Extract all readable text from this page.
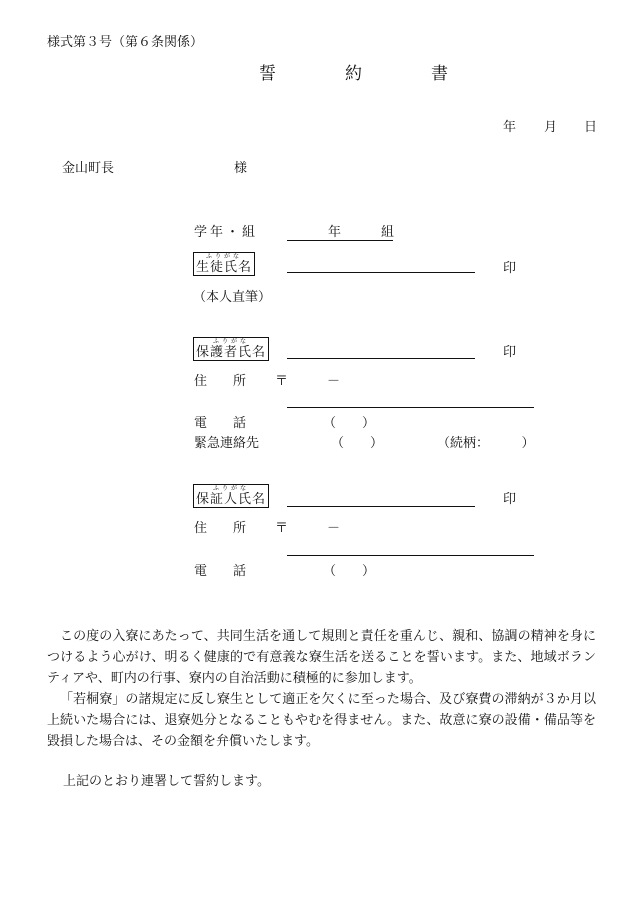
様式第３号（第６条関係）
誓　約　書
年 月 日
金山町長	様
学年・組	年	組
ふりがな
生徒氏名	印
（本人直筆）
ふりがな
保護者氏名	印
住　　所 〒	－
電　　話	（　　）
緊急連絡先	（　　）	（続柄：　　　）
ふりがな
保証人氏名	印
住　　所 〒	－
電　　話	（　　）
この度の入寮にあたって、共同生活を通して規則と責任を重んじ、親和、協調の精神を身につけるよう心がけ、明るく健康的で有意義な寮生活を送ることを誓います。また、地域ボランティアや、町内の行事、寮内の自治活動に積極的に参加します。
「若桐寮」の諸規定に反し寮生として適正を欠くに至った場合、及び寮費の滞納が３か月以上続いた場合には、退寮処分となることもやむを得ません。また、故意に寮の設備・備品等を毀損した場合は、その金額を弁償いたします。
上記のとおり連署して誓約します。
